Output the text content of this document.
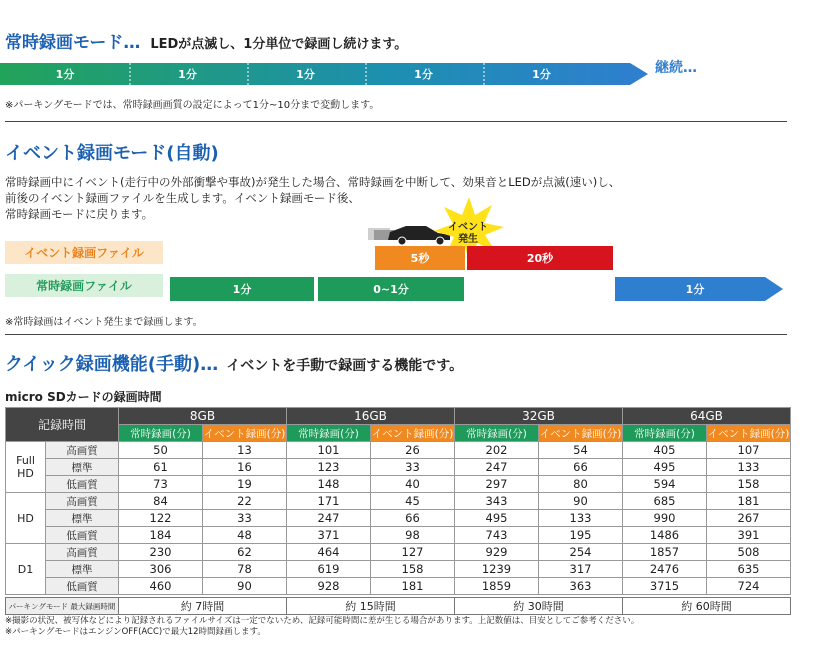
常時録画モード… LEDが点滅し、1分単位で録画し続けます。
1分	1分	1分	1分	1分	継続…
※パーキングモードでは、常時録画画質の設定によって1分~10分まで変動します。
イベント録画モード(自動)
常時録画中にイベント(走行中の外部衝撃や事故)が発生した場合、常時録画を中断して、効果音とLEDが点滅(速い)し、
前後のイベント録画ファイルを生成します。イベント録画モード後、
常時録画モードに戻ります。
イベント録画ファイル
常時録画ファイル
イベント
発生
5秒	20秒
1分	0~1分	1分
※常時録画はイベント発生まで録画します。
クイック録画機能(手動)… イベントを手動で録画する機能です。
micro SDカードの録画時間
記録時間		8GB		16GB		32GB		64GB	
		常時録画(分)	イベント録画(分)	常時録画(分)	イベント録画(分)	常時録画(分)	イベント録画(分)	常時録画(分)	イベント録画(分)

Full
HD	高画質	50	13	101	26	202	54	405	107
	標準	61	16	123	33	247	66	495	133
	低画質	73	19	148	40	297	80	594	158

HD	高画質	84	22	171	45	343	90	685	181
	標準	122	33	247	66	495	133	990	267
	低画質	184	48	371	98	743	195	1486	391

D1	高画質	230	62	464	127	929	254	1857	508
	標準	306	78	619	158	1239	317	2476	635
	低画質	460	90	928	181	1859	363	3715	724
パーキングモード 最大録画時間	約 7時間	約 15時間	約 30時間	約 60時間
※撮影の状況、被写体などにより記録されるファイルサイズは一定でないため、記録可能時間に差が生じる場合があります。上記数値は、目安としてご参考ください。
※パーキングモードはエンジンOFF(ACC)で最大12時間録画します。
